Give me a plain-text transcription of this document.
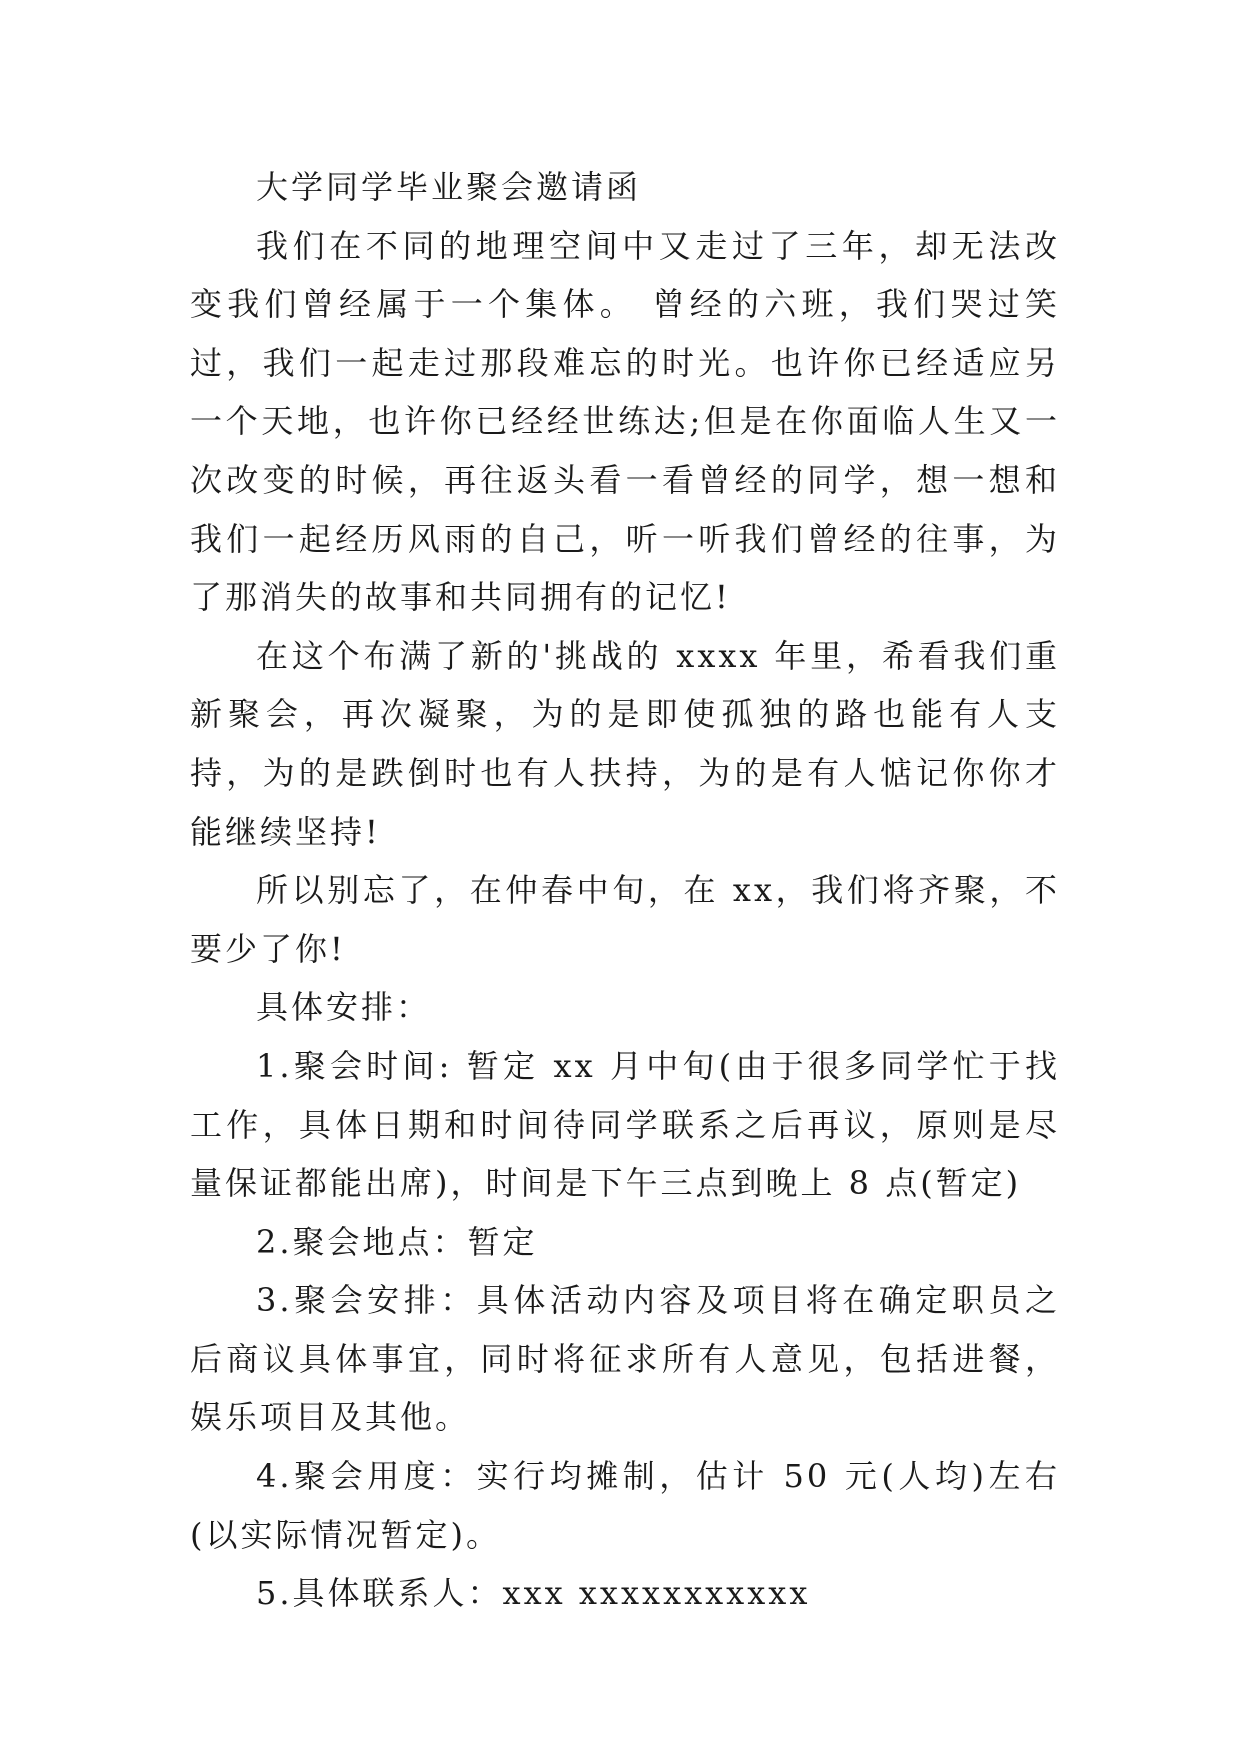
大学同学毕业聚会邀请函

我们在不同的地理空间中又走过了三年，却无法改变我们曾经属于一个集体。 曾经的六班，我们哭过笑过，我们一起走过那段难忘的时光。也许你已经适应另一个天地，也许你已经经世练达;但是在你面临人生又一次改变的时候，再往返头看一看曾经的同学，想一想和我们一起经历风雨的自己，听一听我们曾经的往事，为了那消失的故事和共同拥有的记忆!

在这个布满了新的'挑战的 xxxx 年里，希看我们重新聚会，再次凝聚，为的是即使孤独的路也能有人支持，为的是跌倒时也有人扶持，为的是有人惦记你你才能继续坚持!

所以别忘了，在仲春中旬，在 xx，我们将齐聚，不要少了你!

具体安排：

1.聚会时间: 暂定 xx 月中旬(由于很多同学忙于找工作，具体日期和时间待同学联系之后再议，原则是尽量保证都能出席)，时间是下午三点到晚上 8 点(暂定)

2.聚会地点：暂定

3.聚会安排：具体活动内容及项目将在确定职员之后商议具体事宜，同时将征求所有人意见，包括进餐，娱乐项目及其他。

4.聚会用度：实行均摊制，估计 50 元(人均)左右(以实际情况暂定)。

5.具体联系人：xxx xxxxxxxxxxx
